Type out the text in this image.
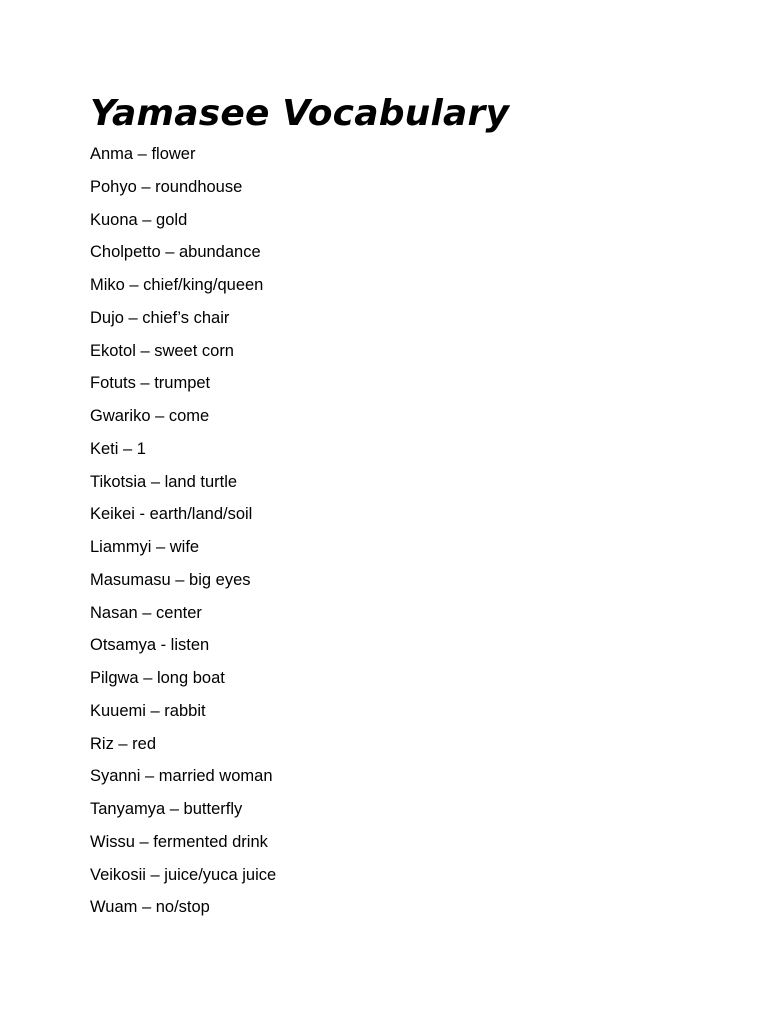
Yamasee Vocabulary
Anma – flower
Pohyo – roundhouse
Kuona – gold
Cholpetto – abundance
Miko – chief/king/queen
Dujo – chief’s chair
Ekotol – sweet corn
Fotuts – trumpet
Gwariko – come
Keti – 1
Tikotsia – land turtle
Keikei - earth/land/soil
Liammyi – wife
Masumasu – big eyes
Nasan – center
Otsamya - listen
Pilgwa – long boat
Kuuemi – rabbit
Riz – red
Syanni – married woman
Tanyamya – butterfly
Wissu – fermented drink
Veikosii – juice/yuca juice
Wuam – no/stop
